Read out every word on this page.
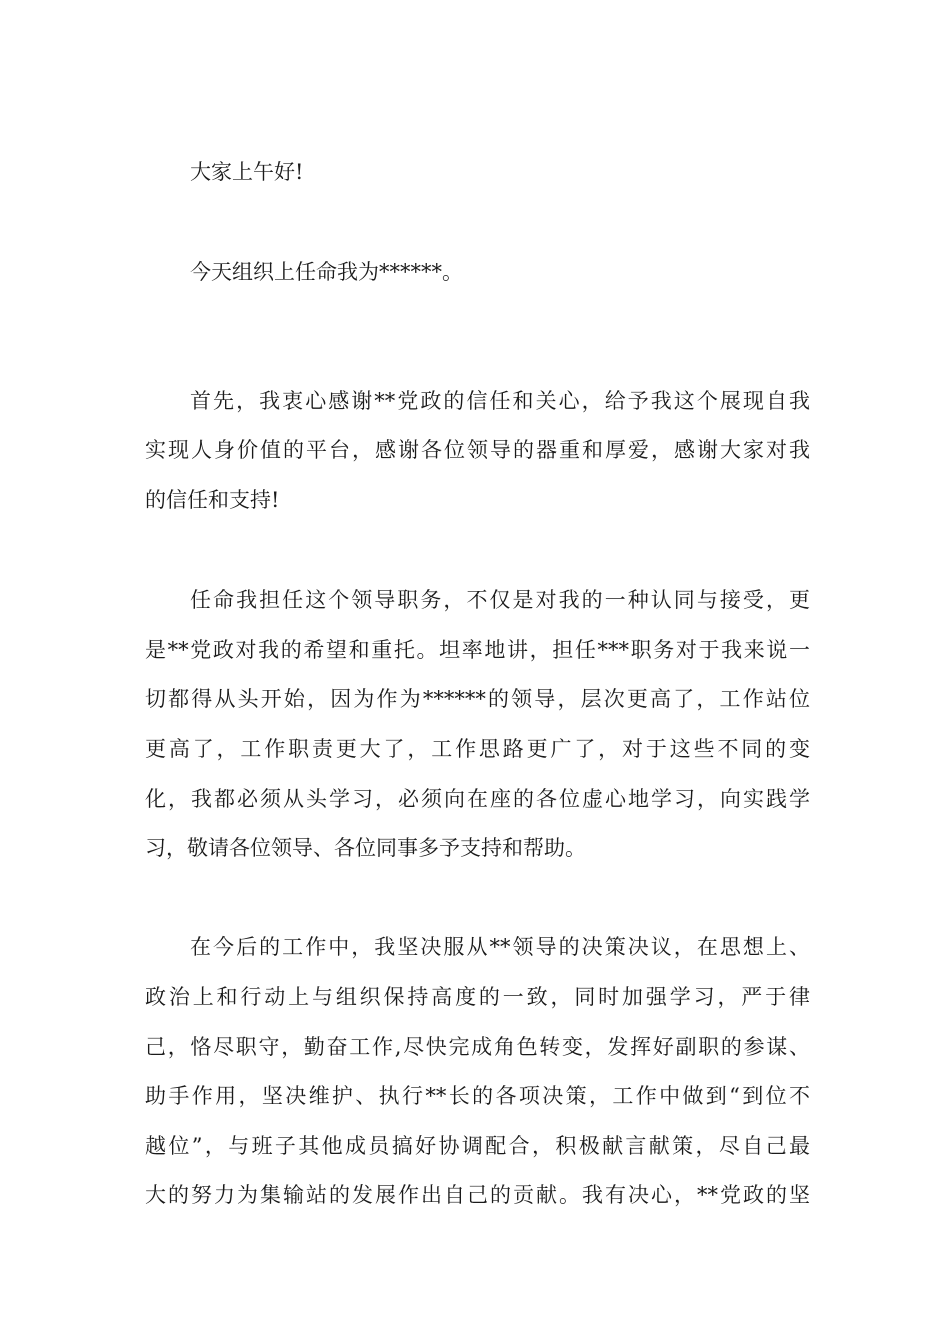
大家上午好!
今天组织上任命我为******。
首先，我衷心感谢**党政的信任和关心，给予我这个展现自我
实现人身价值的平台，感谢各位领导的器重和厚爱，感谢大家对我
的信任和支持!
任命我担任这个领导职务，不仅是对我的一种认同与接受，更
是**党政对我的希望和重托。坦率地讲，担任***职务对于我来说一
切都得从头开始，因为作为******的领导，层次更高了，工作站位
更高了，工作职责更大了，工作思路更广了，对于这些不同的变
化，我都必须从头学习，必须向在座的各位虚心地学习，向实践学
习，敬请各位领导、各位同事多予支持和帮助。
在今后的工作中，我坚决服从**领导的决策决议，在思想上、
政治上和行动上与组织保持高度的一致，同时加强学习，严于律
己，恪尽职守，勤奋工作,尽快完成角色转变，发挥好副职的参谋、
助手作用，坚决维护、执行**长的各项决策，工作中做到“到位不
越位”，与班子其他成员搞好协调配合，积极献言献策，尽自己最
大的努力为集输站的发展作出自己的贡献。我有决心，**党政的坚
